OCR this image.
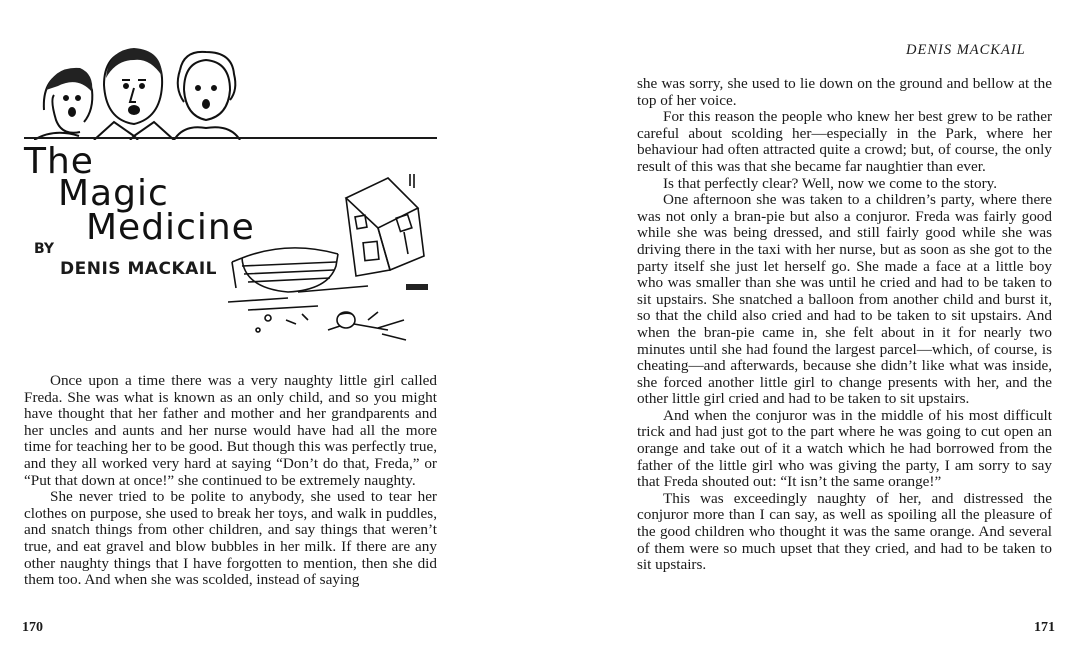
The
Magic
Medicine
BY
DENIS MACKAIL

Once upon a time there was a very naughty little girl called Freda. She was what is known as an only child, and so you might have thought that her father and mother and her grandparents and her uncles and aunts and her nurse would have had all the more time for teaching her to be good. But though this was perfectly true, and they all worked very hard at saying “Don’t do that, Freda,” or “Put that down at once!” she continued to be extremely naughty.

She never tried to be polite to anybody, she used to tear her clothes on purpose, she used to break her toys, and walk in puddles, and snatch things from other children, and say things that weren’t true, and eat gravel and blow bubbles in her milk. If there are any other naughty things that I have forgotten to mention, then she did them too. And when she was scolded, instead of saying

170
DENIS MACKAIL

she was sorry, she used to lie down on the ground and bellow at the top of her voice.

For this reason the people who knew her best grew to be rather careful about scolding her—especially in the Park, where her behaviour had often attracted quite a crowd; but, of course, the only result of this was that she became far naughtier than ever.

Is that perfectly clear? Well, now we come to the story.

One afternoon she was taken to a children’s party, where there was not only a bran-pie but also a conjuror. Freda was fairly good while she was being dressed, and still fairly good while she was driving there in the taxi with her nurse, but as soon as she got to the party itself she just let herself go. She made a face at a little boy who was smaller than she was until he cried and had to be taken to sit upstairs. She snatched a balloon from another child and burst it, so that the child also cried and had to be taken to sit upstairs. And when the bran-pie came in, she felt about in it for nearly two minutes until she had found the largest parcel—which, of course, is cheating—and afterwards, because she didn’t like what was inside, she forced another little girl to change presents with her, and the other little girl cried and had to be taken to sit upstairs.

And when the conjuror was in the middle of his most difficult trick and had just got to the part where he was going to cut open an orange and take out of it a watch which he had borrowed from the father of the little girl who was giving the party, I am sorry to say that Freda shouted out: “It isn’t the same orange!”

This was exceedingly naughty of her, and distressed the conjuror more than I can say, as well as spoiling all the pleasure of the good children who thought it was the same orange. And several of them were so much upset that they cried, and had to be taken to sit upstairs.

171
